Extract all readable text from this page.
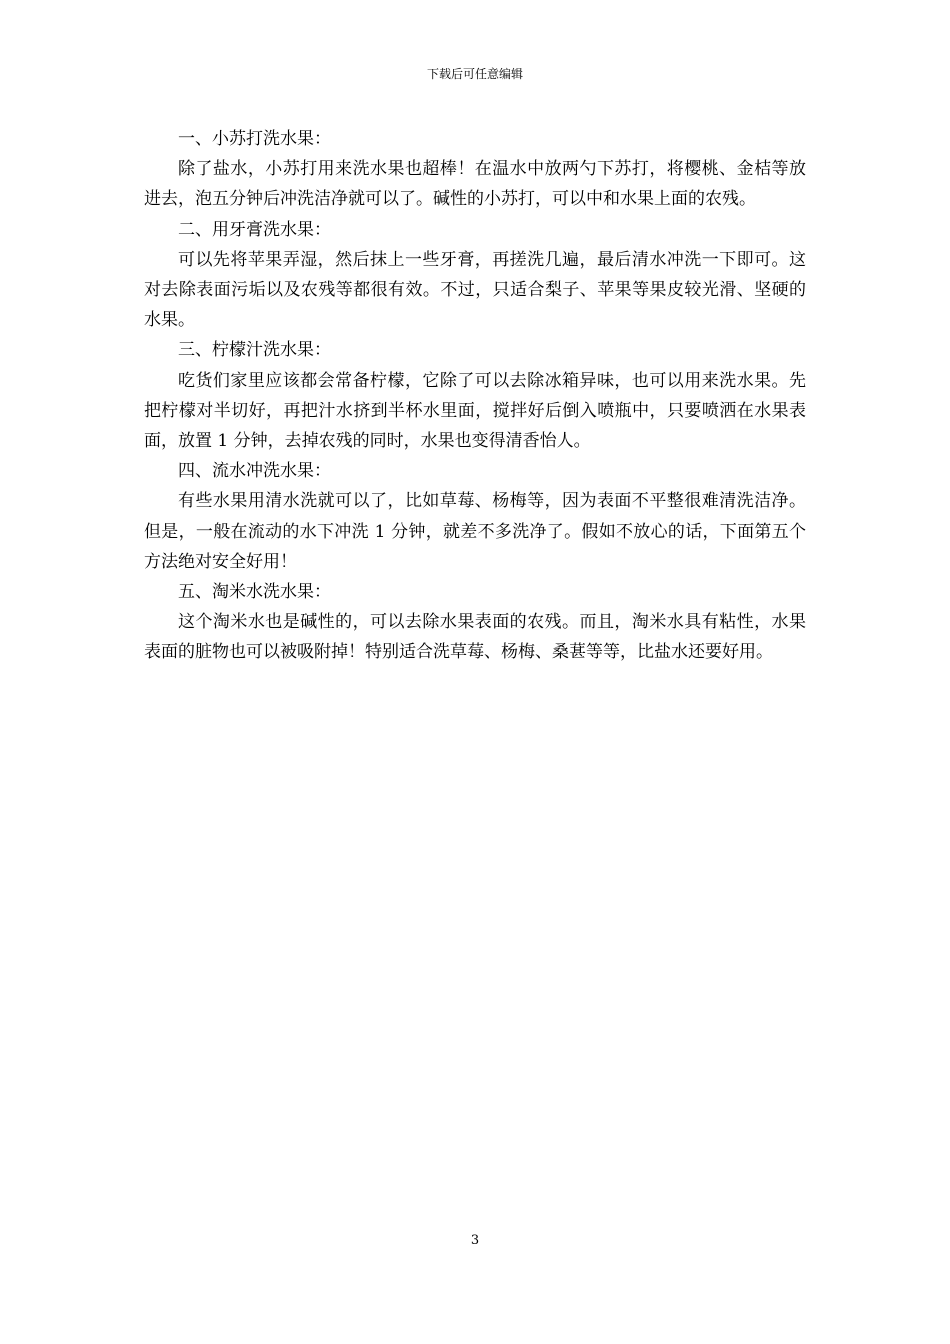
下载后可任意编辑

一、小苏打洗水果：

除了盐水，小苏打用来洗水果也超棒！在温水中放两勺下苏打，将樱桃、金桔等放进去，泡五分钟后冲洗洁净就可以了。碱性的小苏打，可以中和水果上面的农残。

二、用牙膏洗水果：

可以先将苹果弄湿，然后抹上一些牙膏，再搓洗几遍，最后清水冲洗一下即可。这对去除表面污垢以及农残等都很有效。不过，只适合梨子、苹果等果皮较光滑、坚硬的水果。

三、柠檬汁洗水果：

吃货们家里应该都会常备柠檬，它除了可以去除冰箱异味，也可以用来洗水果。先把柠檬对半切好，再把汁水挤到半杯水里面，搅拌好后倒入喷瓶中，只要喷洒在水果表面，放置 1 分钟，去掉农残的同时，水果也变得清香怡人。

四、流水冲洗水果：

有些水果用清水洗就可以了，比如草莓、杨梅等，因为表面不平整很难清洗洁净。但是，一般在流动的水下冲洗 1 分钟，就差不多洗净了。假如不放心的话，下面第五个方法绝对安全好用！

五、淘米水洗水果：

这个淘米水也是碱性的，可以去除水果表面的农残。而且，淘米水具有粘性，水果表面的脏物也可以被吸附掉！特别适合洗草莓、杨梅、桑葚等等，比盐水还要好用。

3
